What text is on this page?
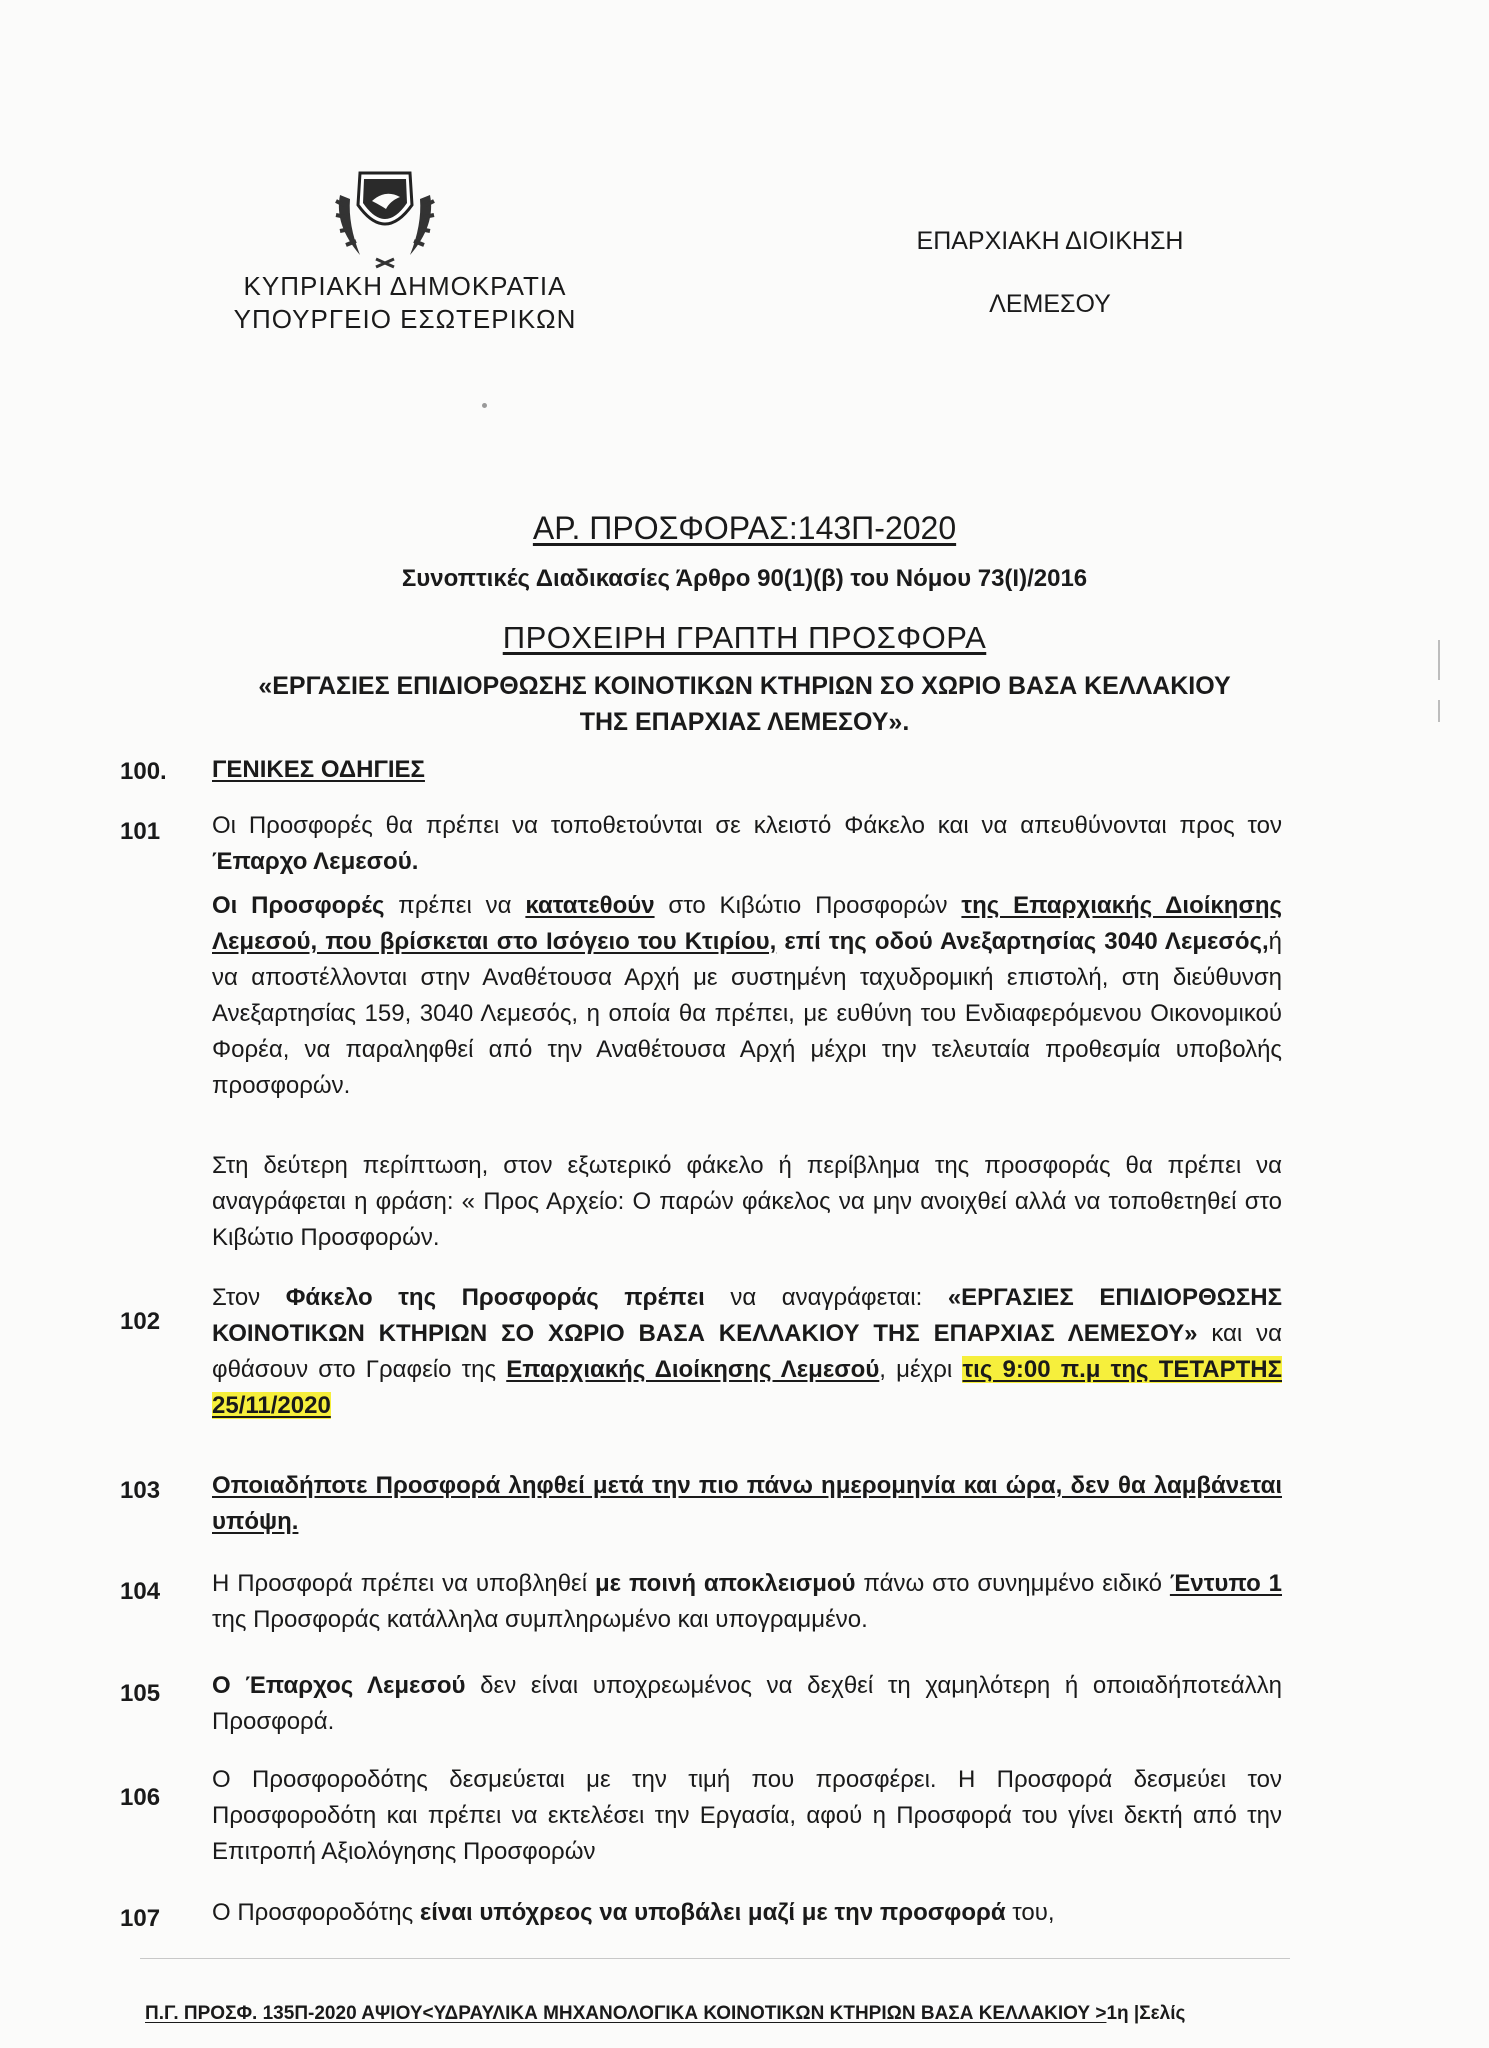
ΚΥΠΡΙΑΚΗ ΔΗΜΟΚΡΑΤΙΑ
ΥΠΟΥΡΓΕΙΟ ΕΣΩΤΕΡΙΚΩΝ
ΕΠΑΡΧΙΑΚΗ ΔΙΟΙΚΗΣΗ
ΛΕΜΕΣΟΥ
ΑΡ. ΠΡΟΣΦΟΡΑΣ:143Π-2020
Συνοπτικές Διαδικασίες Άρθρο 90(1)(β) του Νόμου 73(Ι)/2016
ΠΡΟΧΕΙΡΗ ΓΡΑΠΤΗ ΠΡΟΣΦΟΡΑ
«ΕΡΓΑΣΙΕΣ ΕΠΙΔΙΟΡΘΩΣΗΣ ΚΟΙΝΟΤΙΚΩΝ ΚΤΗΡΙΩΝ ΣΟ ΧΩΡΙΟ ΒΑΣΑ ΚΕΛΛΑΚΙΟΥ
ΤΗΣ ΕΠΑΡΧΙΑΣ ΛΕΜΕΣΟΥ».
100. ΓΕΝΙΚΕΣ ΟΔΗΓΙΕΣ
101 Οι Προσφορές θα πρέπει να τοποθετούνται σε κλειστό Φάκελο και να απευθύνονται προς τον Έπαρχο Λεμεσού.
Οι Προσφορές πρέπει να κατατεθούν στο Κιβώτιο Προσφορών της Επαρχιακής Διοίκησης Λεμεσού, που βρίσκεται στο Ισόγειο του Κτιρίου, επί της οδού Ανεξαρτησίας 3040 Λεμεσός,ή να αποστέλλονται στην Αναθέτουσα Αρχή με συστημένη ταχυδρομική επιστολή, στη διεύθυνση Ανεξαρτησίας 159, 3040 Λεμεσός, η οποία θα πρέπει, με ευθύνη του Ενδιαφερόμενου Οικονομικού Φορέα, να παραληφθεί από την Αναθέτουσα Αρχή μέχρι την τελευταία προθεσμία υποβολής προσφορών.
Στη δεύτερη περίπτωση, στον εξωτερικό φάκελο ή περίβλημα της προσφοράς θα πρέπει να αναγράφεται η φράση: « Προς Αρχείο: Ο παρών φάκελος να μην ανοιχθεί αλλά να τοποθετηθεί στο Κιβώτιο Προσφορών.
102
Στον Φάκελο της Προσφοράς πρέπει να αναγράφεται: «ΕΡΓΑΣΙΕΣ ΕΠΙΔΙΟΡΘΩΣΗΣ ΚΟΙΝΟΤΙΚΩΝ ΚΤΗΡΙΩΝ ΣΟ ΧΩΡΙΟ ΒΑΣΑ ΚΕΛΛΑΚΙΟΥ ΤΗΣ ΕΠΑΡΧΙΑΣ ΛΕΜΕΣΟΥ» και να φθάσουν στο Γραφείο της Επαρχιακής Διοίκησης Λεμεσού, μέχρι τις 9:00 π.μ της ΤΕΤΑΡΤΗΣ 25/11/2020
103 Οποιαδήποτε Προσφορά ληφθεί μετά την πιο πάνω ημερομηνία και ώρα, δεν θα λαμβάνεται υπόψη.
104 Η Προσφορά πρέπει να υποβληθεί με ποινή αποκλεισμού πάνω στο συνημμένο ειδικό Έντυπο 1 της Προσφοράς κατάλληλα συμπληρωμένο και υπογραμμένο.
105 Ο Έπαρχος Λεμεσού δεν είναι υποχρεωμένος να δεχθεί τη χαμηλότερη ή οποιαδήποτεάλλη Προσφορά.
106
Ο Προσφοροδότης δεσμεύεται με την τιμή που προσφέρει. Η Προσφορά δεσμεύει τον Προσφοροδότη και πρέπει να εκτελέσει την Εργασία, αφού η Προσφορά του γίνει δεκτή από την Επιτροπή Αξιολόγησης Προσφορών
107 Ο Προσφοροδότης είναι υπόχρεος να υποβάλει μαζί με την προσφορά του,
Π.Γ. ΠΡΟΣΦ. 135Π-2020 ΑΨΙΟΥ<ΥΔΡΑΥΛΙΚΑ ΜΗΧΑΝΟΛΟΓΙΚΑ ΚΟΙΝΟΤΙΚΩΝ ΚΤΗΡΙΩΝ ΒΑΣΑ ΚΕΛΛΑΚΙΟΥ >1η |Σελίς
